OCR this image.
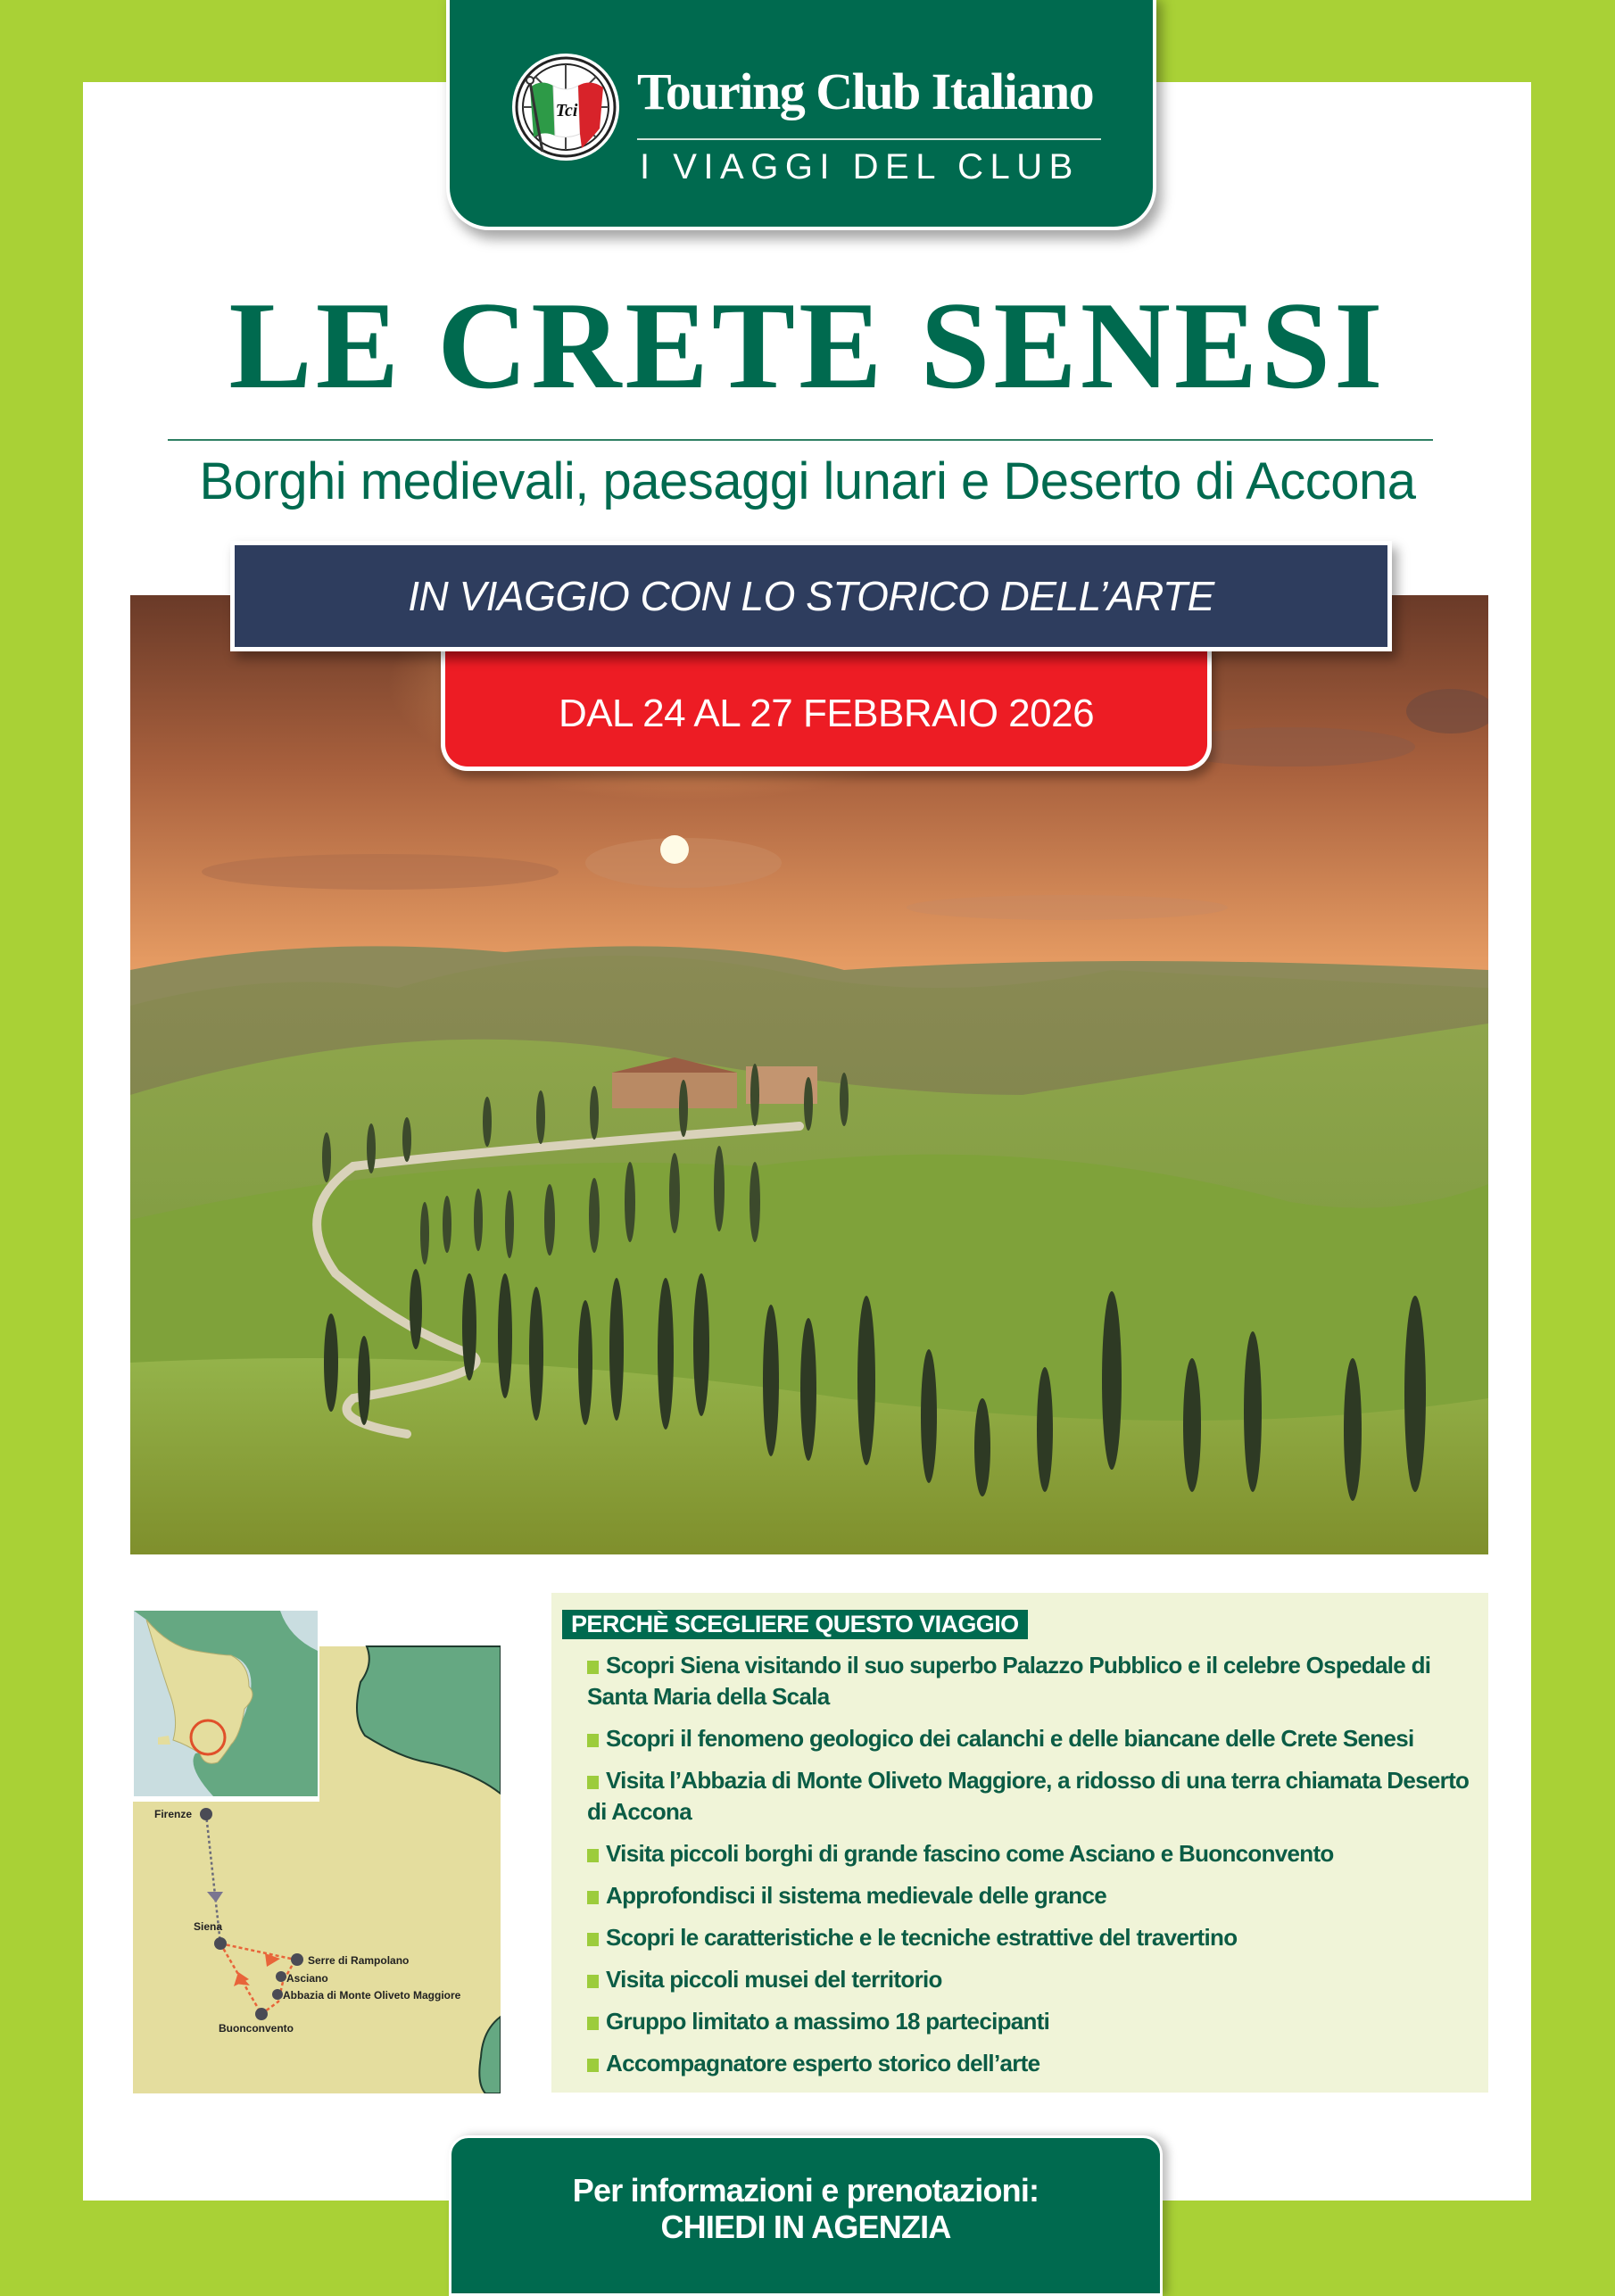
Tci Touring Club Italiano
I VIAGGI DEL CLUB
LE CRETE SENESI
Borghi medievali, paesaggi lunari e Deserto di Accona
IN VIAGGIO CON LO STORICO DELL’ARTE
DAL 24 AL 27 FEBBRAIO 2026
Firenze
Siena
Serre di Rampolano
Asciano
Abbazia di Monte Oliveto Maggiore
Buonconvento
PERCHÈ SCEGLIERE QUESTO VIAGGIO
Scopri Siena visitando il suo superbo Palazzo Pubblico e il celebre Ospedale di Santa Maria della Scala
Scopri il fenomeno geologico dei calanchi e delle biancane delle Crete Senesi
Visita l’Abbazia di Monte Oliveto Maggiore, a ridosso di una terra chiamata Deserto di Accona
Visita piccoli borghi di grande fascino come Asciano e Buonconvento
Approfondisci il sistema medievale delle grance
Scopri le caratteristiche e le tecniche estrattive del travertino
Visita piccoli musei del territorio
Gruppo limitato a massimo 18 partecipanti
Accompagnatore esperto storico dell’arte
Per informazioni e prenotazioni:
CHIEDI IN AGENZIA
